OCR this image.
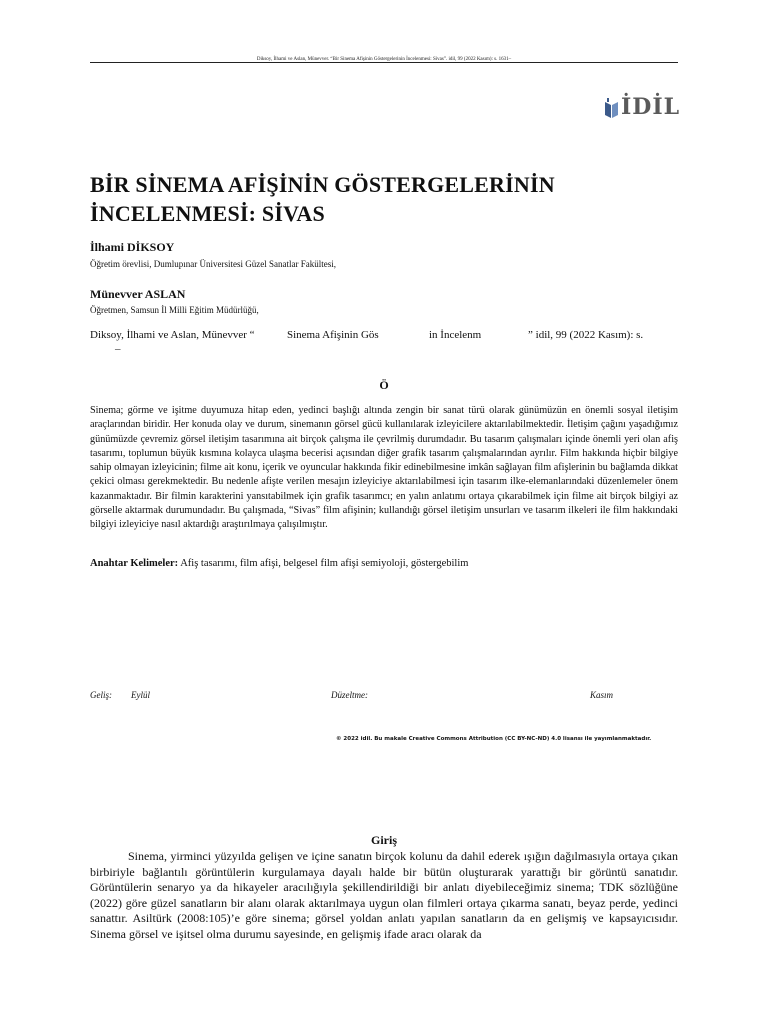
Diksoy, İlhami ve Aslan, Münevver. “Bir Sinema Afişinin Göstergelerinin İncelenmesi: Sivas”. idil, 99 (2022 Kasım): s. 1631–
İDİL
BİR SİNEMA AFİŞİNİN GÖSTERGELERİNİN İNCELENMESİ: SİVAS
İlhami DİKSOY
Öğretim örevlisi, Dumlupınar Üniversitesi Güzel Sanatlar Fakültesi,
Münevver ASLAN
Öğretmen, Samsun İl Milli Eğitim Müdürlüğü,
Diksoy, İlhami ve Aslan, Münevver “	Sinema Afişinin Gös	in İncelenm	” idil, 99 (2022 Kasım): s.
–
Ö

Sinema; görme ve işitme duyumuza hitap eden, yedinci başlığı altında zengin bir sanat türü olarak günümüzün en önemli sosyal iletişim araçlarından biridir. Her konuda olay ve durum, sinemanın görsel gücü kullanılarak izleyicilere aktarılabilmektedir. İletişim çağını yaşadığımız günümüzde çevremiz görsel iletişim tasarımına ait birçok çalışma ile çevrilmiş durumdadır. Bu tasarım çalışmaları içinde önemli yeri olan afiş tasarımı, toplumun büyük kısmına kolayca ulaşma becerisi açısından diğer grafik tasarım çalışmalarından ayrılır. Film hakkında hiçbir bilgiye sahip olmayan izleyicinin; filme ait konu, içerik ve oyuncular hakkında fikir edinebilmesine imkân sağlayan film afişlerinin bu bağlamda dikkat çekici olması gerekmektedir. Bu nedenle afişte verilen mesajın izleyiciye aktarılabilmesi için tasarım ilke-elemanlarındaki düzenlemeler önem kazanmaktadır. Bir filmin karakterini yansıtabilmek için grafik tasarımcı; en yalın anlatımı ortaya çıkarabilmek için filme ait birçok bilgiyi az görselle aktarmak durumundadır. Bu çalışmada, “Sivas” film afişinin; kullandığı görsel iletişim unsurları ve tasarım ilkeleri ile film hakkındaki bilgiyi izleyiciye nasıl aktardığı araştırılmaya çalışılmıştır.

Anahtar Kelimeler: Afiş tasarımı, film afişi, belgesel film afişi semiyoloji, göstergebilim
Geliş: Eylül	Düzeltme:	Kasım
© 2022 idil. Bu makale Creative Commons Attribution (CC BY-NC-ND) 4.0 lisansı ile yayımlanmaktadır.
Giriş

Sinema, yirminci yüzyılda gelişen ve içine sanatın birçok kolunu da dahil ederek ışığın dağılmasıyla ortaya çıkan birbiriyle bağlantılı görüntülerin kurgulamaya dayalı halde bir bütün oluşturarak yarattığı bir görüntü sanatıdır. Görüntülerin senaryo ya da hikayeler aracılığıyla şekillendirildiği bir anlatı diyebileceğimiz sinema; TDK sözlüğüne (2022) göre güzel sanatların bir alanı olarak aktarılmaya uygun olan filmleri ortaya çıkarma sanatı, beyaz perde, yedinci sanattır. Asiltürk (2008:105)’e göre sinema; görsel yoldan anlatı yapılan sanatların da en gelişmiş ve kapsayıcısıdır. Sinema görsel ve işitsel olma durumu sayesinde, en gelişmiş ifade aracı olarak da
